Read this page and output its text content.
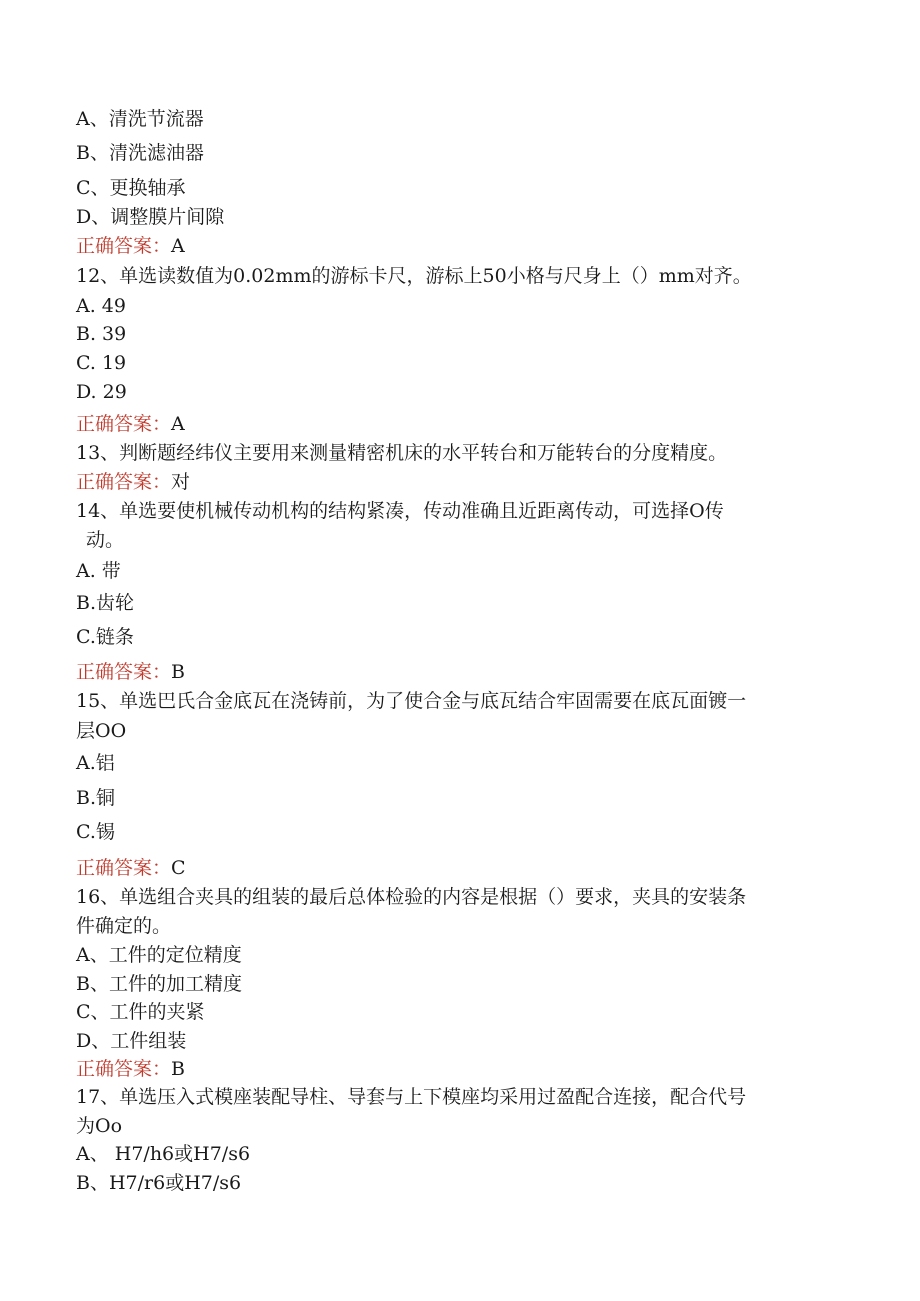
A、清洗节流器
B、清洗滤油器
C、更换轴承
D、调整膜片间隙
正确答案：A
12、单选读数值为0.02mm的游标卡尺，游标上50小格与尺身上（）mm对齐。
A. 49
B. 39
C. 19
D. 29
正确答案：A
13、判断题经纬仪主要用来测量精密机床的水平转台和万能转台的分度精度。
正确答案：对
14、单选要使机械传动机构的结构紧凑，传动准确且近距离传动，可选择O传
动。
A. 带
B.齿轮
C.链条
正确答案：B
15、单选巴氏合金底瓦在浇铸前，为了使合金与底瓦结合牢固需要在底瓦面镀一
层OO
A.铝
B.铜
C.锡
正确答案：C
16、单选组合夹具的组装的最后总体检验的内容是根据（）要求，夹具的安装条
件确定的。
A、工件的定位精度
B、工件的加工精度
C、工件的夹紧
D、工件组装
正确答案：B
17、单选压入式模座装配导柱、导套与上下模座均采用过盈配合连接，配合代号
为Oo
A、 H7/h6或H7/s6
B、H7/r6或H7/s6
